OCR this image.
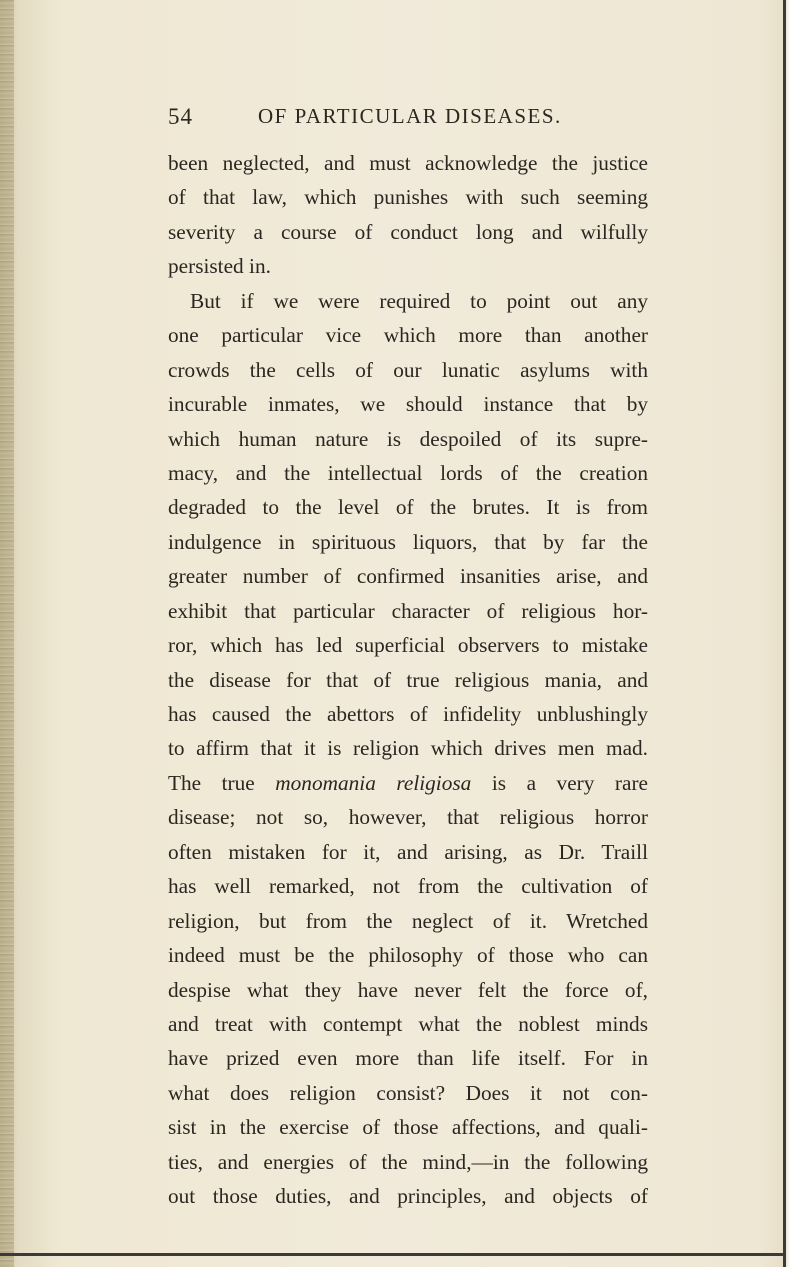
54	OF PARTICULAR DISEASES.
been neglected, and must acknowledge the justice
of that law, which punishes with such seeming
severity a course of conduct long and wilfully
persisted in.
But if we were required to point out any
one particular vice which more than another
crowds the cells of our lunatic asylums with
incurable inmates, we should instance that by
which human nature is despoiled of its supre-
macy, and the intellectual lords of the creation
degraded to the level of the brutes. It is from
indulgence in spirituous liquors, that by far the
greater number of confirmed insanities arise, and
exhibit that particular character of religious hor-
ror, which has led superficial observers to mistake
the disease for that of true religious mania, and
has caused the abettors of infidelity unblushingly
to affirm that it is religion which drives men mad.
The true monomania religiosa is a very rare
disease; not so, however, that religious horror
often mistaken for it, and arising, as Dr. Traill
has well remarked, not from the cultivation of
religion, but from the neglect of it. Wretched
indeed must be the philosophy of those who can
despise what they have never felt the force of,
and treat with contempt what the noblest minds
have prized even more than life itself. For in
what does religion consist? Does it not con-
sist in the exercise of those affections, and quali-
ties, and energies of the mind,—in the following
out those duties, and principles, and objects of
